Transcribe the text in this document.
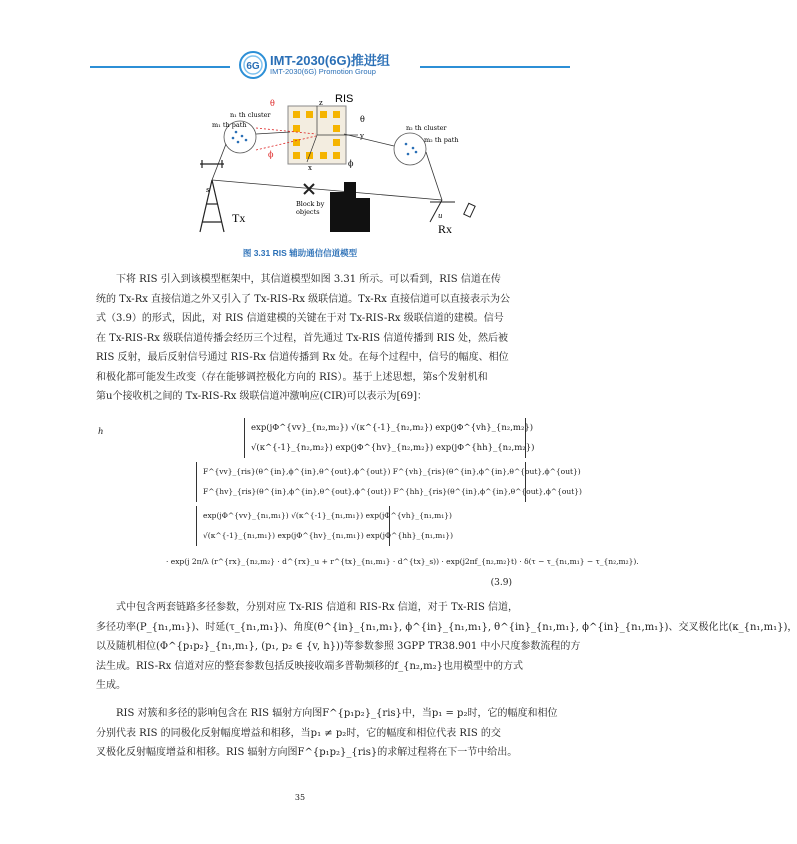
6G IMT-2030(6G)推进组
IMT-2030(6G) Promotion Group
RIS
z
y
x
θ
ϕ
θ
ϕ
n₁ th cluster
m₁ th path	n₂ th cluster
m₂ th path
s
Tx
Block by
objects	u
Rx
图 3.31 RIS 辅助通信信道模型
下将 RIS 引入到该模型框架中，其信道模型如图 3.31 所示。可以看到，RIS 信道在传
统的 Tx-Rx 直接信道之外又引入了 Tx-RIS-Rx 级联信道。Tx-Rx 直接信道可以直接表示为公
式（3.9）的形式，因此，对 RIS 信道建模的关键在于对 Tx-RIS-Rx 级联信道的建模。信号
在 Tx-RIS-Rx 级联信道传播会经历三个过程，首先通过 Tx-RIS 信道传播到 RIS 处，然后被
RIS 反射，最后反射信号通过 RIS-Rx 信道传播到 Rx 处。在每个过程中，信号的幅度、相位
和极化都可能发生改变（存在能够调控极化方向的 RIS）。基于上述思想，第s个发射机和
第u个接收机之间的 Tx-RIS-Rx 级联信道冲激响应(CIR)可以表示为[69]：
h	exp(jΦ^{vv}_{n₂,m₂}) √(κ^{-1}_{n₂,m₂}) exp(jΦ^{vh}_{n₂,m₂})
√(κ^{-1}_{n₂,m₂}) exp(jΦ^{hv}_{n₂,m₂}) exp(jΦ^{hh}_{n₂,m₂})
F^{vv}_{ris}(θ^{in},ϕ^{in},θ^{out},ϕ^{out}) F^{vh}_{ris}(θ^{in},ϕ^{in},θ^{out},ϕ^{out})
F^{hv}_{ris}(θ^{in},ϕ^{in},θ^{out},ϕ^{out}) F^{hh}_{ris}(θ^{in},ϕ^{in},θ^{out},ϕ^{out})
exp(jΦ^{vv}_{n₁,m₁}) √(κ^{-1}_{n₁,m₁}) exp(jΦ^{vh}_{n₁,m₁})
√(κ^{-1}_{n₁,m₁}) exp(jΦ^{hv}_{n₁,m₁}) exp(jΦ^{hh}_{n₁,m₁})
· exp(j 2π/λ (r^{rx}_{n₂,m₂} · d^{rx}_u + r^{tx}_{n₁,m₁} · d^{tx}_s)) · exp(j2πf_{n₂,m₂}t) · δ(τ − τ_{n₁,m₁} − τ_{n₂,m₂}).
(3.9)
式中包含两套链路多径参数，分别对应 Tx-RIS 信道和 RIS-Rx 信道，对于 Tx-RIS 信道，
多径功率(P_{n₁,m₁})、时延(τ_{n₁,m₁})、角度(θ^{in}_{n₁,m₁}, ϕ^{in}_{n₁,m₁}, θ^{in}_{n₁,m₁}, ϕ^{in}_{n₁,m₁})、交叉极化比(κ_{n₁,m₁})，
以及随机相位(Φ^{p₁p₂}_{n₁,m₁}, (p₁, p₂ ∈ {v, h}))等参数参照 3GPP TR38.901 中小尺度参数流程的方
法生成。RIS-Rx 信道对应的整套参数包括反映接收端多普勒频移的f_{n₂,m₂}也用模型中的方式
生成。
RIS 对簇和多径的影响包含在 RIS 辐射方向图F^{p₁p₂}_{ris}中，当p₁ = p₂时，它的幅度和相位
分别代表 RIS 的同极化反射幅度增益和相移，当p₁ ≠ p₂时，它的幅度和相位代表 RIS 的交
叉极化反射幅度增益和相移。RIS 辐射方向图F^{p₁p₂}_{ris}的求解过程将在下一节中给出。
35
